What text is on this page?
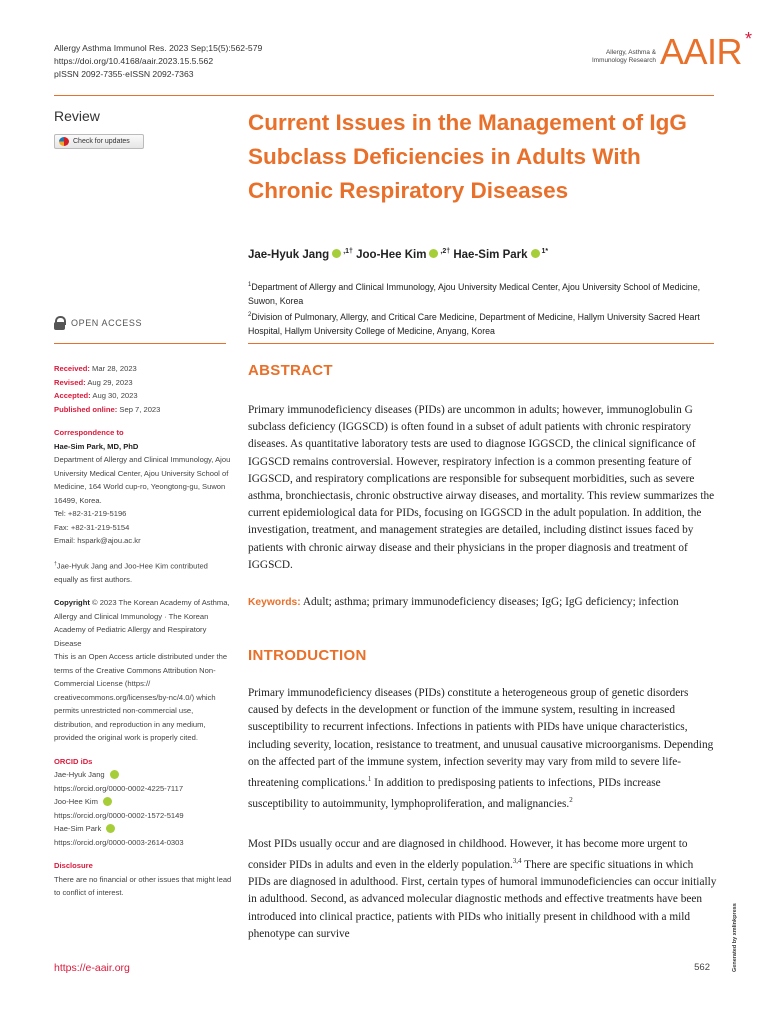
Allergy Asthma Immunol Res. 2023 Sep;15(5):562-579
https://doi.org/10.4168/aair.2023.15.5.562
pISSN 2092-7355·eISSN 2092-7363
Allergy, Asthma &
Immunology Research AAIR *
Review
Check for updates
Current Issues in the Management of IgG Subclass Deficiencies in Adults With Chronic Respiratory Diseases
Jae-Hyuk Jang $^{,1\dagger}$ Joo-Hee Kim $^{,2\dagger}$ Hae-Sim Park $^{1*}$

$^1$Department of Allergy and Clinical Immunology, Ajou University Medical Center, Ajou University School of Medicine, Suwon, Korea

$^2$Division of Pulmonary, Allergy, and Critical Care Medicine, Department of Medicine, Hallym University Sacred Heart Hospital, Hallym University College of Medicine, Anyang, Korea

OPEN ACCESS
Received: Mar 28, 2023
Revised: Aug 29, 2023
Accepted: Aug 30, 2023
Published online: Sep 7, 2023
Correspondence to
Hae-Sim Park, MD, PhD
Department of Allergy and Clinical Immunology, Ajou University Medical Center, Ajou University School of Medicine, 164 World cup-ro, Yeongtong-gu, Suwon 16499, Korea.
Tel: +82-31-219-5196
Fax: +82-31-219-5154
Email: hspark@ajou.ac.kr
†Jae-Hyuk Jang and Joo-Hee Kim contributed equally as first authors.
Copyright © 2023 The Korean Academy of Asthma, Allergy and Clinical Immunology · The Korean Academy of Pediatric Allergy and Respiratory Disease
This is an Open Access article distributed under the terms of the Creative Commons Attribution Non-Commercial License (https:// creativecommons.org/licenses/by-nc/4.0/) which permits unrestricted non-commercial use, distribution, and reproduction in any medium, provided the original work is properly cited.
ORCID iDs
Jae-Hyuk Jang
https://orcid.org/0000-0002-4225-7117
Joo-Hee Kim
https://orcid.org/0000-0002-1572-5149
Hae-Sim Park
https://orcid.org/0000-0003-2614-0303
Disclosure
There are no financial or other issues that might lead to conflict of interest.
ABSTRACT

Primary immunodeficiency diseases (PIDs) are uncommon in adults; however, immunoglobulin G subclass deficiency (IGGSCD) is often found in a subset of adult patients with chronic respiratory diseases. As quantitative laboratory tests are used to diagnose IGGSCD, the clinical significance of IGGSCD remains controversial. However, respiratory infection is a common presenting feature of IGGSCD, and respiratory complications are responsible for subsequent morbidities, such as severe asthma, bronchiectasis, chronic obstructive airway diseases, and mortality. This review summarizes the current epidemiological data for PIDs, focusing on IGGSCD in the adult population. In addition, the investigation, treatment, and management strategies are detailed, including distinct issues faced by patients with chronic airway disease and their physicians in the proper diagnosis and treatment of IGGSCD.

Keywords: Adult; asthma; primary immunodeficiency diseases; IgG; IgG deficiency; infection

INTRODUCTION

Primary immunodeficiency diseases (PIDs) constitute a heterogeneous group of genetic disorders caused by defects in the development or function of the immune system, resulting in increased susceptibility to recurrent infections. Infections in patients with PIDs have unique characteristics, including severity, location, resistance to treatment, and unusual causative microorganisms. Depending on the affected part of the immune system, infection severity may vary from mild to severe life-threatening complications.$^1$ In addition to predisposing patients to infections, PIDs increase susceptibility to autoimmunity, lymphoproliferation, and malignancies.$^2$

Most PIDs usually occur and are diagnosed in childhood. However, it has become more urgent to consider PIDs in adults and even in the elderly population.$^{3,4}$ There are specific situations in which PIDs are diagnosed in adulthood. First, certain types of humoral immunodeficiencies can occur initially in adulthood. Second, as advanced molecular diagnostic methods and effective treatments have been introduced into clinical practice, patients with PIDs who initially present in childhood with a mild phenotype can survive	Generated by xmlinkpress
https://e-aair.org	562
